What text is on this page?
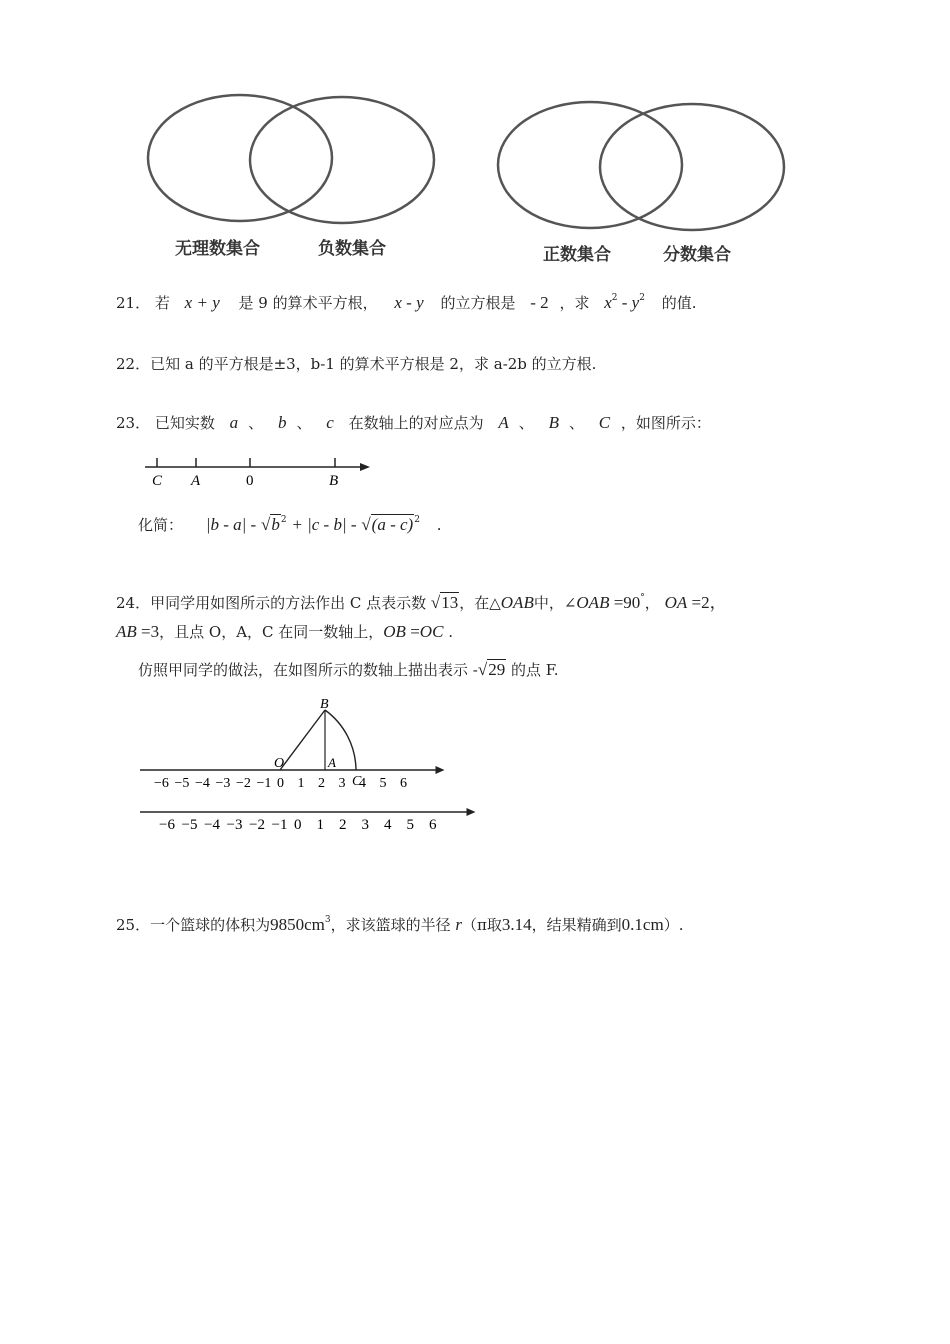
无理数集合	负数集合	正数集合	分数集合
21． 若 x + y 是 9 的算术平方根， x - y 的立方根是 - 2 ，求 $x^2 - y^2$ 的值.
22．已知 a 的平方根是±3，b-1 的算术平方根是 2，求 a-2b 的立方根.
23． 已知实数 a 、 b 、 c 在数轴上的对应点为 A 、 B 、 C ，如图所示：
C A	0	B
化简： $|b - a| - √b^2 + |c - b| - √(a - c)^2$ .
24．甲同学用如图所示的方法作出 C 点表示数 √13，在△OAB中，∠OAB =90°， OA =2，
AB =3，且点 O，A，C 在同一数轴上，OB =OC .
仿照甲同学的做法，在如图所示的数轴上描出表示 -√29 的点 F.
−6 −5 −4 −3 −2 −1 0 1 2 3 4 5 6
−6 −5 −4 −3 −2 −1 0 1 2 3 4 5 6
B
O	A
C
25．一个篮球的体积为$9850cm^3$，求该篮球的半径 r（π取3.14，结果精确到0.1cm）.
